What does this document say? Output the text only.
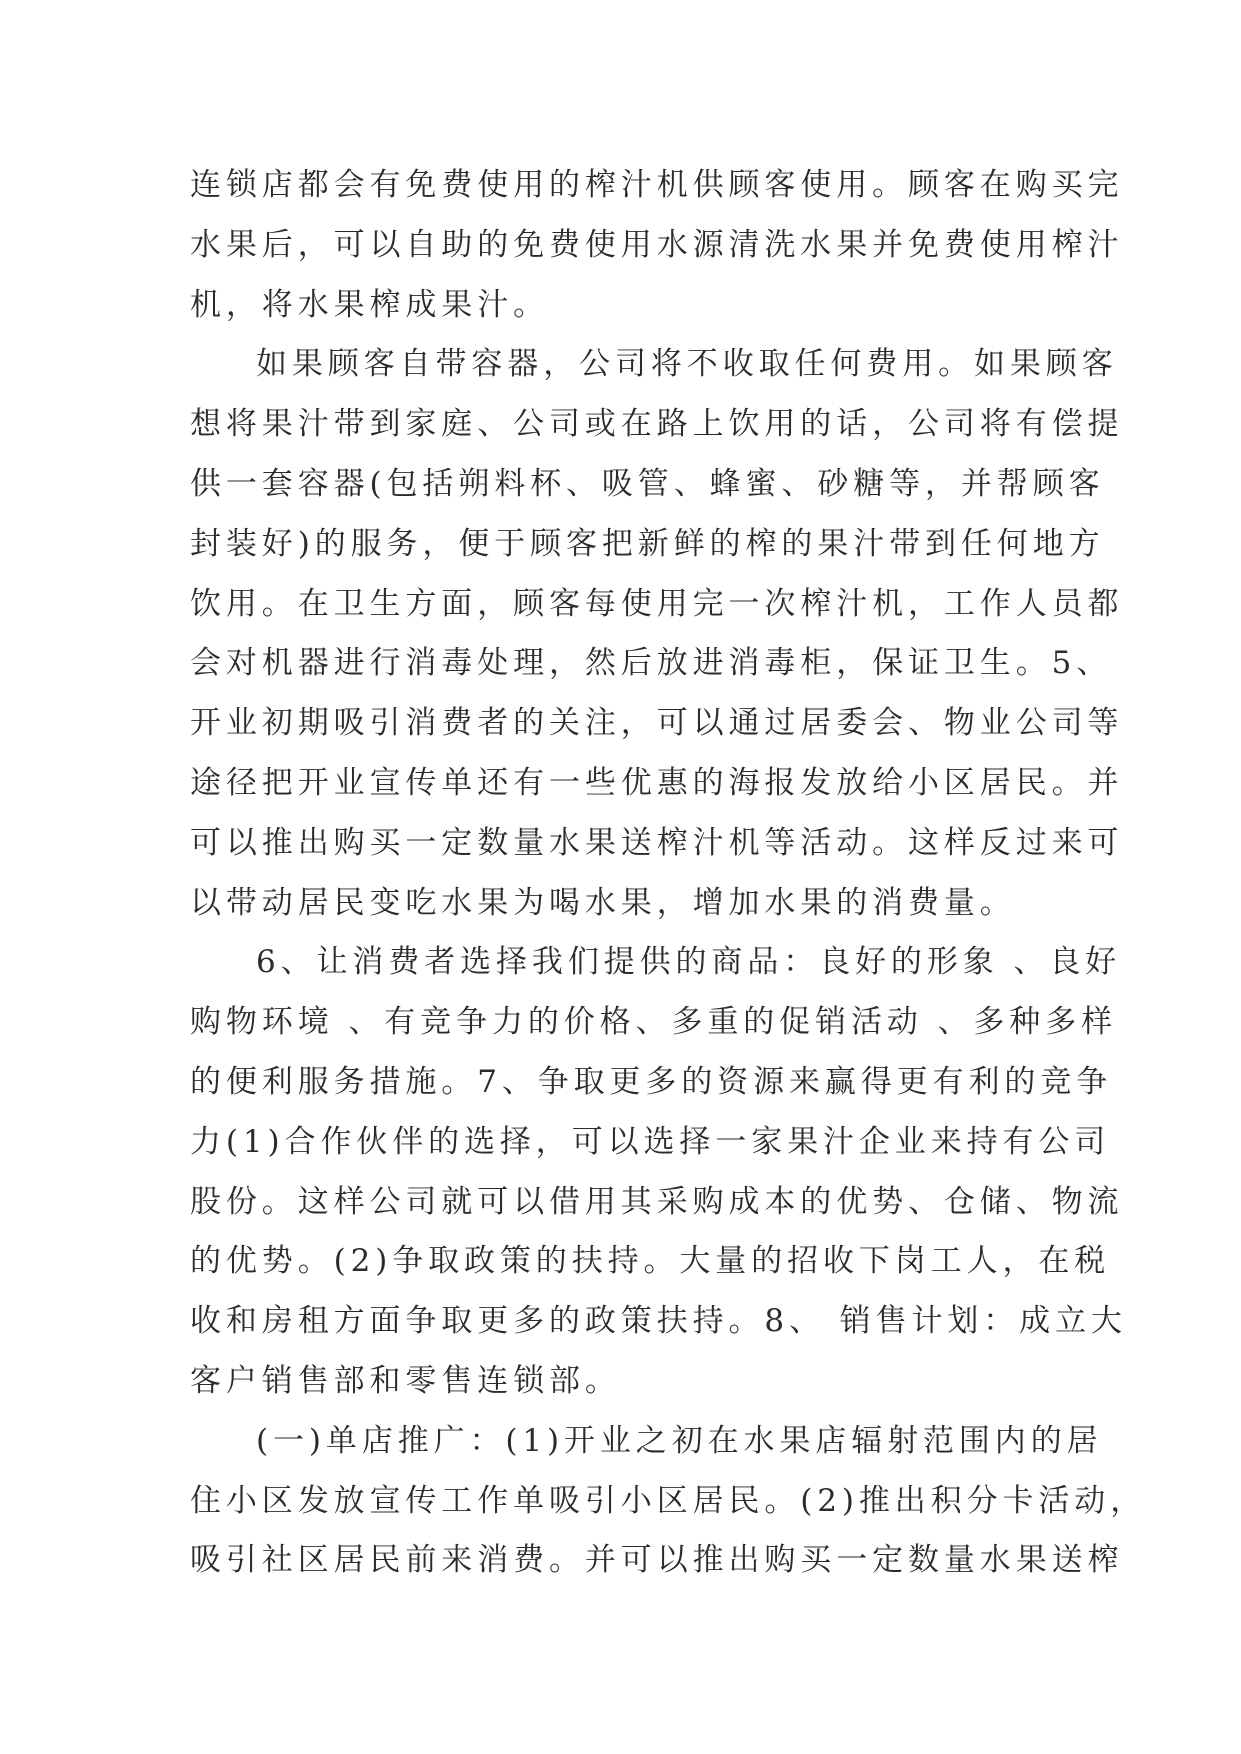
连锁店都会有免费使用的榨汁机供顾客使用。顾客在购买完
水果后，可以自助的免费使用水源清洗水果并免费使用榨汁
机，将水果榨成果汁。
如果顾客自带容器，公司将不收取任何费用。如果顾客
想将果汁带到家庭、公司或在路上饮用的话，公司将有偿提
供一套容器(包括朔料杯、吸管、蜂蜜、砂糖等，并帮顾客
封装好)的服务，便于顾客把新鲜的榨的果汁带到任何地方
饮用。在卫生方面，顾客每使用完一次榨汁机，工作人员都
会对机器进行消毒处理，然后放进消毒柜，保证卫生。5、
开业初期吸引消费者的关注，可以通过居委会、物业公司等
途径把开业宣传单还有一些优惠的海报发放给小区居民。并
可以推出购买一定数量水果送榨汁机等活动。这样反过来可
以带动居民变吃水果为喝水果，增加水果的消费量。
6、让消费者选择我们提供的商品：良好的形象 、良好
购物环境 、有竞争力的价格、多重的促销活动 、多种多样
的便利服务措施。7、争取更多的资源来赢得更有利的竞争
力(1)合作伙伴的选择，可以选择一家果汁企业来持有公司
股份。这样公司就可以借用其采购成本的优势、仓储、物流
的优势。(2)争取政策的扶持。大量的招收下岗工人，在税
收和房租方面争取更多的政策扶持。8、 销售计划：成立大
客户销售部和零售连锁部。
(一)单店推广：(1)开业之初在水果店辐射范围内的居
住小区发放宣传工作单吸引小区居民。(2)推出积分卡活动，
吸引社区居民前来消费。并可以推出购买一定数量水果送榨
